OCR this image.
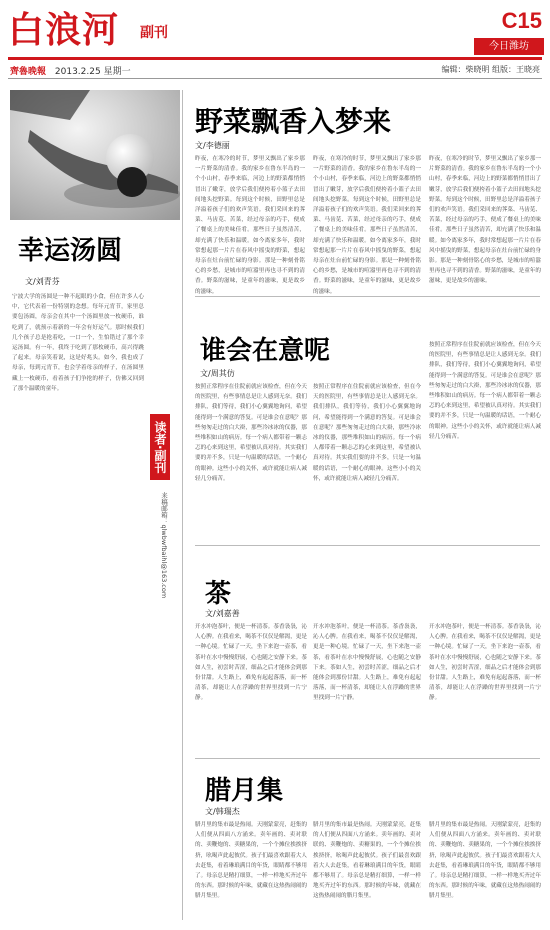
白浪河 副刊	C15
今日潍坊
齊魯晚報 2013.2.25 星期一	编辑：柴晓明 组版：王晓亮
野菜飘香入梦来
文/李德丽
昨夜，在寒冷的时节，梦里又飘出了家乡那一片野菜的清香。我的家乡在鲁东半岛的一个小山村，春季来临，河边上的野菜都悄悄冒出了嫩芽，放学后我们便挎着小篮子去田间地头挖野菜。每到这个时候，田野里总是洋溢着孩子们的欢声笑语。我们采回来的荠菜、马齿苋、苦菜，经过母亲的巧手，便成了餐桌上的美味佳肴。那些日子虽然清苦，却充满了快乐和温暖。如今离家多年，我时常想起那一片片在春风中摇曳的野菜，想起母亲在灶台前忙碌的身影。那是一种刻骨铭心的乡愁，是城市的喧嚣里再也寻不到的清香。野菜的滋味，是童年的滋味，更是故乡的滋味。
昨夜，在寒冷的时节，梦里又飘出了家乡那一片野菜的清香。我的家乡在鲁东半岛的一个小山村，春季来临，河边上的野菜都悄悄冒出了嫩芽，放学后我们便挎着小篮子去田间地头挖野菜。每到这个时候，田野里总是洋溢着孩子们的欢声笑语。我们采回来的荠菜、马齿苋、苦菜，经过母亲的巧手，便成了餐桌上的美味佳肴。那些日子虽然清苦，却充满了快乐和温暖。如今离家多年，我时常想起那一片片在春风中摇曳的野菜，想起母亲在灶台前忙碌的身影。那是一种刻骨铭心的乡愁，是城市的喧嚣里再也寻不到的清香。野菜的滋味，是童年的滋味，更是故乡的滋味。
昨夜，在寒冷的时节，梦里又飘出了家乡那一片野菜的清香。我的家乡在鲁东半岛的一个小山村，春季来临，河边上的野菜都悄悄冒出了嫩芽，放学后我们便挎着小篮子去田间地头挖野菜。每到这个时候，田野里总是洋溢着孩子们的欢声笑语。我们采回来的荠菜、马齿苋、苦菜，经过母亲的巧手，便成了餐桌上的美味佳肴。那些日子虽然清苦，却充满了快乐和温暖。如今离家多年，我时常想起那一片片在春风中摇曳的野菜，想起母亲在灶台前忙碌的身影。那是一种刻骨铭心的乡愁，是城市的喧嚣里再也寻不到的清香。野菜的滋味，是童年的滋味，更是故乡的滋味。
幸运汤圆
文/刘青芬
宁波大学的汤圆是一种不起眼的小食，但在许多人心中，它代表着一份特别的念想。每年元宵节，家里总要包汤圆，母亲会在其中一个汤圆里放一枚硬币，谁吃到了，就预示着新的一年会有好运气。那时候我们几个孩子总是抢着吃，一口一个，生怕错过了那个幸运汤圆。有一年，我终于吃到了那枚硬币，高兴得跳了起来。母亲笑着说，这是好兆头。如今，我也成了母亲，每到元宵节，也会学着母亲的样子，在汤圆里藏上一枚硬币，看着孩子们争抢的样子，仿佛又回到了那个温暖的童年。
读者·副刊
来稿邮箱：qlwbwfbaihl@163.com
谁会在意呢
文/周其仿
按照正常程序在住院前就应该检查，但在今天的医院里，有些事情总是让人感到无奈。我们排队，我们等待，我们小心翼翼地询问，希望能得到一个满意的答复。可是谁会在意呢？那些匆匆走过的白大褂，那些冷冰冰的仪器，那些堆积如山的病历。每一个病人都带着一颗忐忑的心来到这里，希望被认真对待。其实我们要的并不多，只是一句温暖的话语，一个耐心的眼神。这些小小的关怀，或许就能让病人减轻几分痛苦。
按照正常程序在住院前就应该检查，但在今天的医院里，有些事情总是让人感到无奈。我们排队，我们等待，我们小心翼翼地询问，希望能得到一个满意的答复。可是谁会在意呢？那些匆匆走过的白大褂，那些冷冰冰的仪器，那些堆积如山的病历。每一个病人都带着一颗忐忑的心来到这里，希望被认真对待。其实我们要的并不多，只是一句温暖的话语，一个耐心的眼神。这些小小的关怀，或许就能让病人减轻几分痛苦。
按照正常程序在住院前就应该检查，但在今天的医院里，有些事情总是让人感到无奈。我们排队，我们等待，我们小心翼翼地询问，希望能得到一个满意的答复。可是谁会在意呢？那些匆匆走过的白大褂，那些冷冰冰的仪器，那些堆积如山的病历。每一个病人都带着一颗忐忑的心来到这里，希望被认真对待。其实我们要的并不多，只是一句温暖的话语，一个耐心的眼神。这些小小的关怀，或许就能让病人减轻几分痛苦。
茶
文/刘嘉善
开水冲泡茶叶，便是一杯清茶。茶香袅袅，沁人心脾。在我看来，喝茶不仅仅是解渴，更是一种心境。忙碌了一天，坐下来泡一壶茶，看茶叶在水中慢慢舒展，心也随之安静下来。茶如人生，初尝时苦涩，细品之后才能体会到那份甘甜。人生路上，难免有起起落落，而一杯清茶，却能让人在浮躁的世界里找到一片宁静。
开水冲泡茶叶，便是一杯清茶。茶香袅袅，沁人心脾。在我看来，喝茶不仅仅是解渴，更是一种心境。忙碌了一天，坐下来泡一壶茶，看茶叶在水中慢慢舒展，心也随之安静下来。茶如人生，初尝时苦涩，细品之后才能体会到那份甘甜。人生路上，难免有起起落落，而一杯清茶，却能让人在浮躁的世界里找到一片宁静。
开水冲泡茶叶，便是一杯清茶。茶香袅袅，沁人心脾。在我看来，喝茶不仅仅是解渴，更是一种心境。忙碌了一天，坐下来泡一壶茶，看茶叶在水中慢慢舒展，心也随之安静下来。茶如人生，初尝时苦涩，细品之后才能体会到那份甘甜。人生路上，难免有起起落落，而一杯清茶，却能让人在浮躁的世界里找到一片宁静。
腊月集
文/韩瑞杰
腊月里的集市最是热闹。天刚蒙蒙亮，赶集的人们便从四面八方涌来。卖年画的、卖对联的、卖鞭炮的、卖糖果的，一个个摊位挨挨挤挤，吆喝声此起彼伏。孩子们最喜欢跟着大人去赶集，看着琳琅满目的年货，眼睛都不够用了。母亲总是精打细算，一样一样地买齐过年的东西。那时候的年味，就藏在这热热闹闹的腊月集里。
腊月里的集市最是热闹。天刚蒙蒙亮，赶集的人们便从四面八方涌来。卖年画的、卖对联的、卖鞭炮的、卖糖果的，一个个摊位挨挨挤挤，吆喝声此起彼伏。孩子们最喜欢跟着大人去赶集，看着琳琅满目的年货，眼睛都不够用了。母亲总是精打细算，一样一样地买齐过年的东西。那时候的年味，就藏在这热热闹闹的腊月集里。
腊月里的集市最是热闹。天刚蒙蒙亮，赶集的人们便从四面八方涌来。卖年画的、卖对联的、卖鞭炮的、卖糖果的，一个个摊位挨挨挤挤，吆喝声此起彼伏。孩子们最喜欢跟着大人去赶集，看着琳琅满目的年货，眼睛都不够用了。母亲总是精打细算，一样一样地买齐过年的东西。那时候的年味，就藏在这热热闹闹的腊月集里。
